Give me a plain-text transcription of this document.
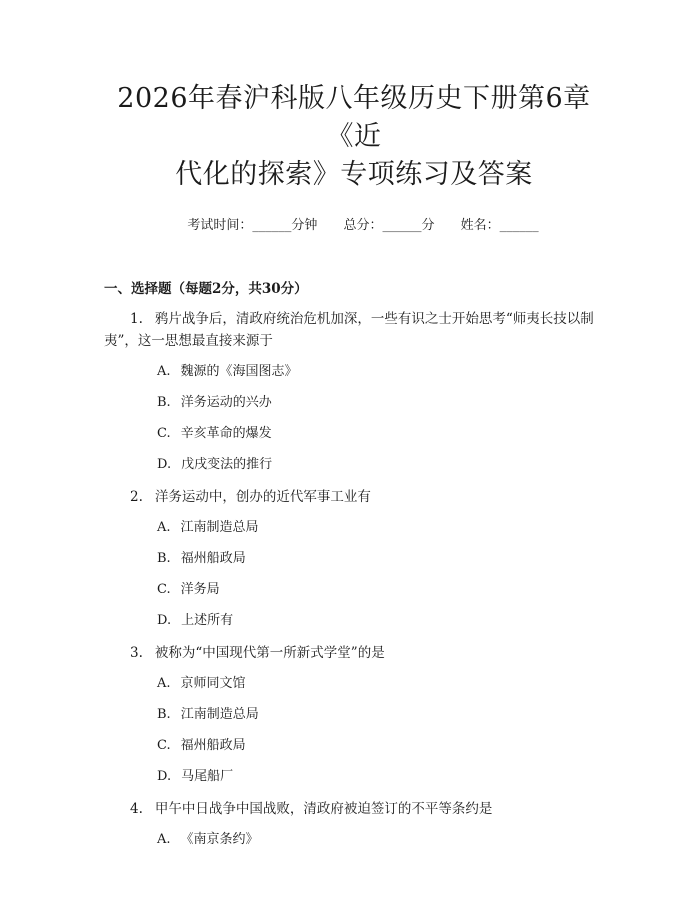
2026年春沪科版八年级历史下册第6章《近
代化的探索》专项练习及答案
考试时间：______分钟 总分：______分 姓名：______
一、选择题（每题2分，共30分）
1. 鸦片战争后，清政府统治危机加深，一些有识之士开始思考“师夷长技以制夷”，这一思想最直接来源于
A. 魏源的《海国图志》
B. 洋务运动的兴办
C. 辛亥革命的爆发
D. 戊戌变法的推行
2. 洋务运动中，创办的近代军事工业有
A. 江南制造总局
B. 福州船政局
C. 洋务局
D. 上述所有
3. 被称为“中国现代第一所新式学堂”的是
A. 京师同文馆
B. 江南制造总局
C. 福州船政局
D. 马尾船厂
4. 甲午中日战争中国战败，清政府被迫签订的不平等条约是
A. 《南京条约》
